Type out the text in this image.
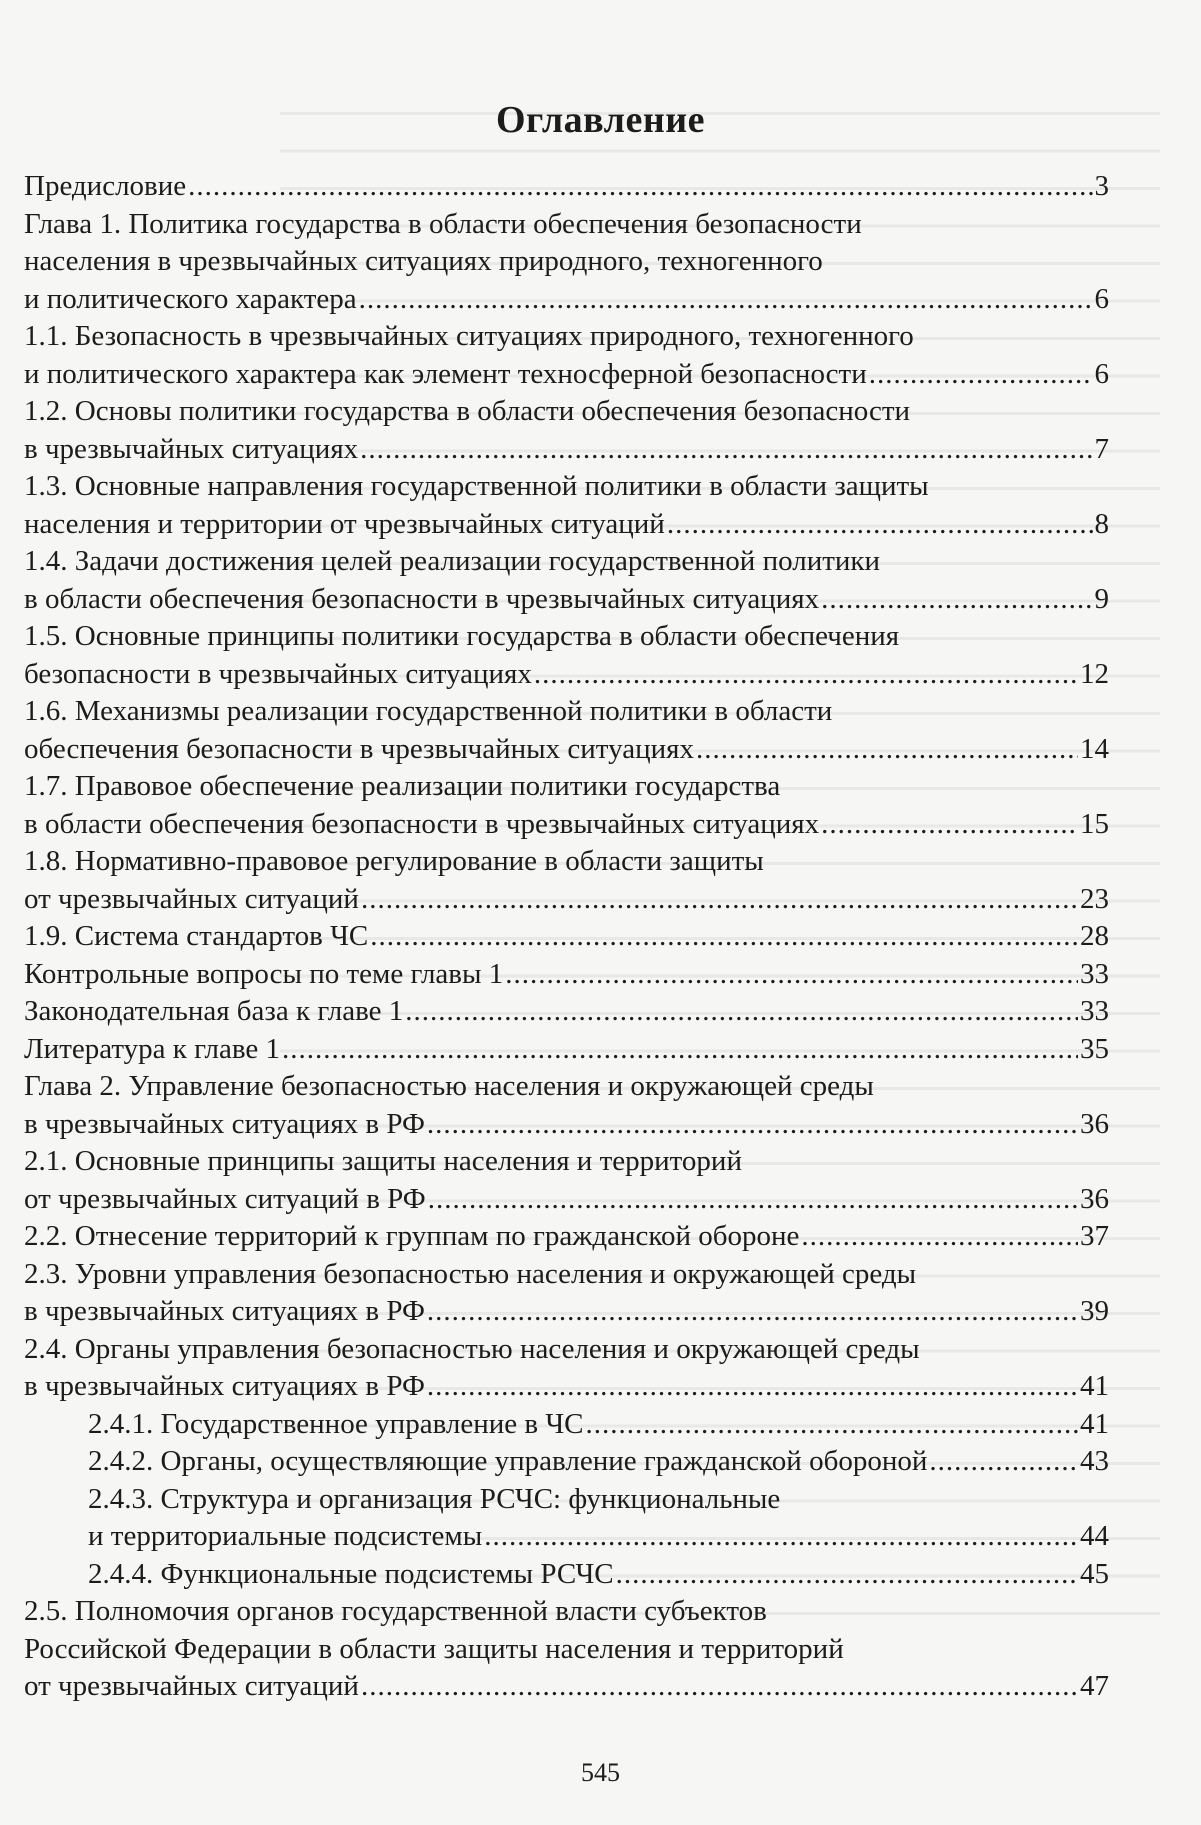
Оглавление
Предисловие .....	3
Глава 1. Политика государства в области обеспечения безопасности
населения в чрезвычайных ситуациях природного, техногенного
и политического характера .....	6
1.1. Безопасность в чрезвычайных ситуациях природного, техногенного
и политического характера как элемент техносферной безопасности .....	6
1.2. Основы политики государства в области обеспечения безопасности
в чрезвычайных ситуациях .....	7
1.3. Основные направления государственной политики в области защиты
населения и территории от чрезвычайных ситуаций .....	8
1.4. Задачи достижения целей реализации государственной политики
в области обеспечения безопасности в чрезвычайных ситуациях .....	9
1.5. Основные принципы политики государства в области обеспечения
безопасности в чрезвычайных ситуациях .....	12
1.6. Механизмы реализации государственной политики в области
обеспечения безопасности в чрезвычайных ситуациях .....	14
1.7. Правовое обеспечение реализации политики государства
в области обеспечения безопасности в чрезвычайных ситуациях .....	15
1.8. Нормативно-правовое регулирование в области защиты
от чрезвычайных ситуаций .....	23
1.9. Система стандартов ЧС .....	28
Контрольные вопросы по теме главы 1 .....	33
Законодательная база к главе 1 .....	33
Литература к главе 1 .....	35
Глава 2. Управление безопасностью населения и окружающей среды
в чрезвычайных ситуациях в РФ .....	36
2.1. Основные принципы защиты населения и территорий
от чрезвычайных ситуаций в РФ .....	36
2.2. Отнесение территорий к группам по гражданской обороне .....	37
2.3. Уровни управления безопасностью населения и окружающей среды
в чрезвычайных ситуациях в РФ .....	39
2.4. Органы управления безопасностью населения и окружающей среды
в чрезвычайных ситуациях в РФ .....	41
2.4.1. Государственное управление в ЧС .....	41
2.4.2. Органы, осуществляющие управление гражданской обороной .....	43
2.4.3. Структура и организация РСЧС: функциональные
и территориальные подсистемы .....	44
2.4.4. Функциональные подсистемы РСЧС .....	45
2.5. Полномочия органов государственной власти субъектов
Российской Федерации в области защиты населения и территорий
от чрезвычайных ситуаций .....	47
545
